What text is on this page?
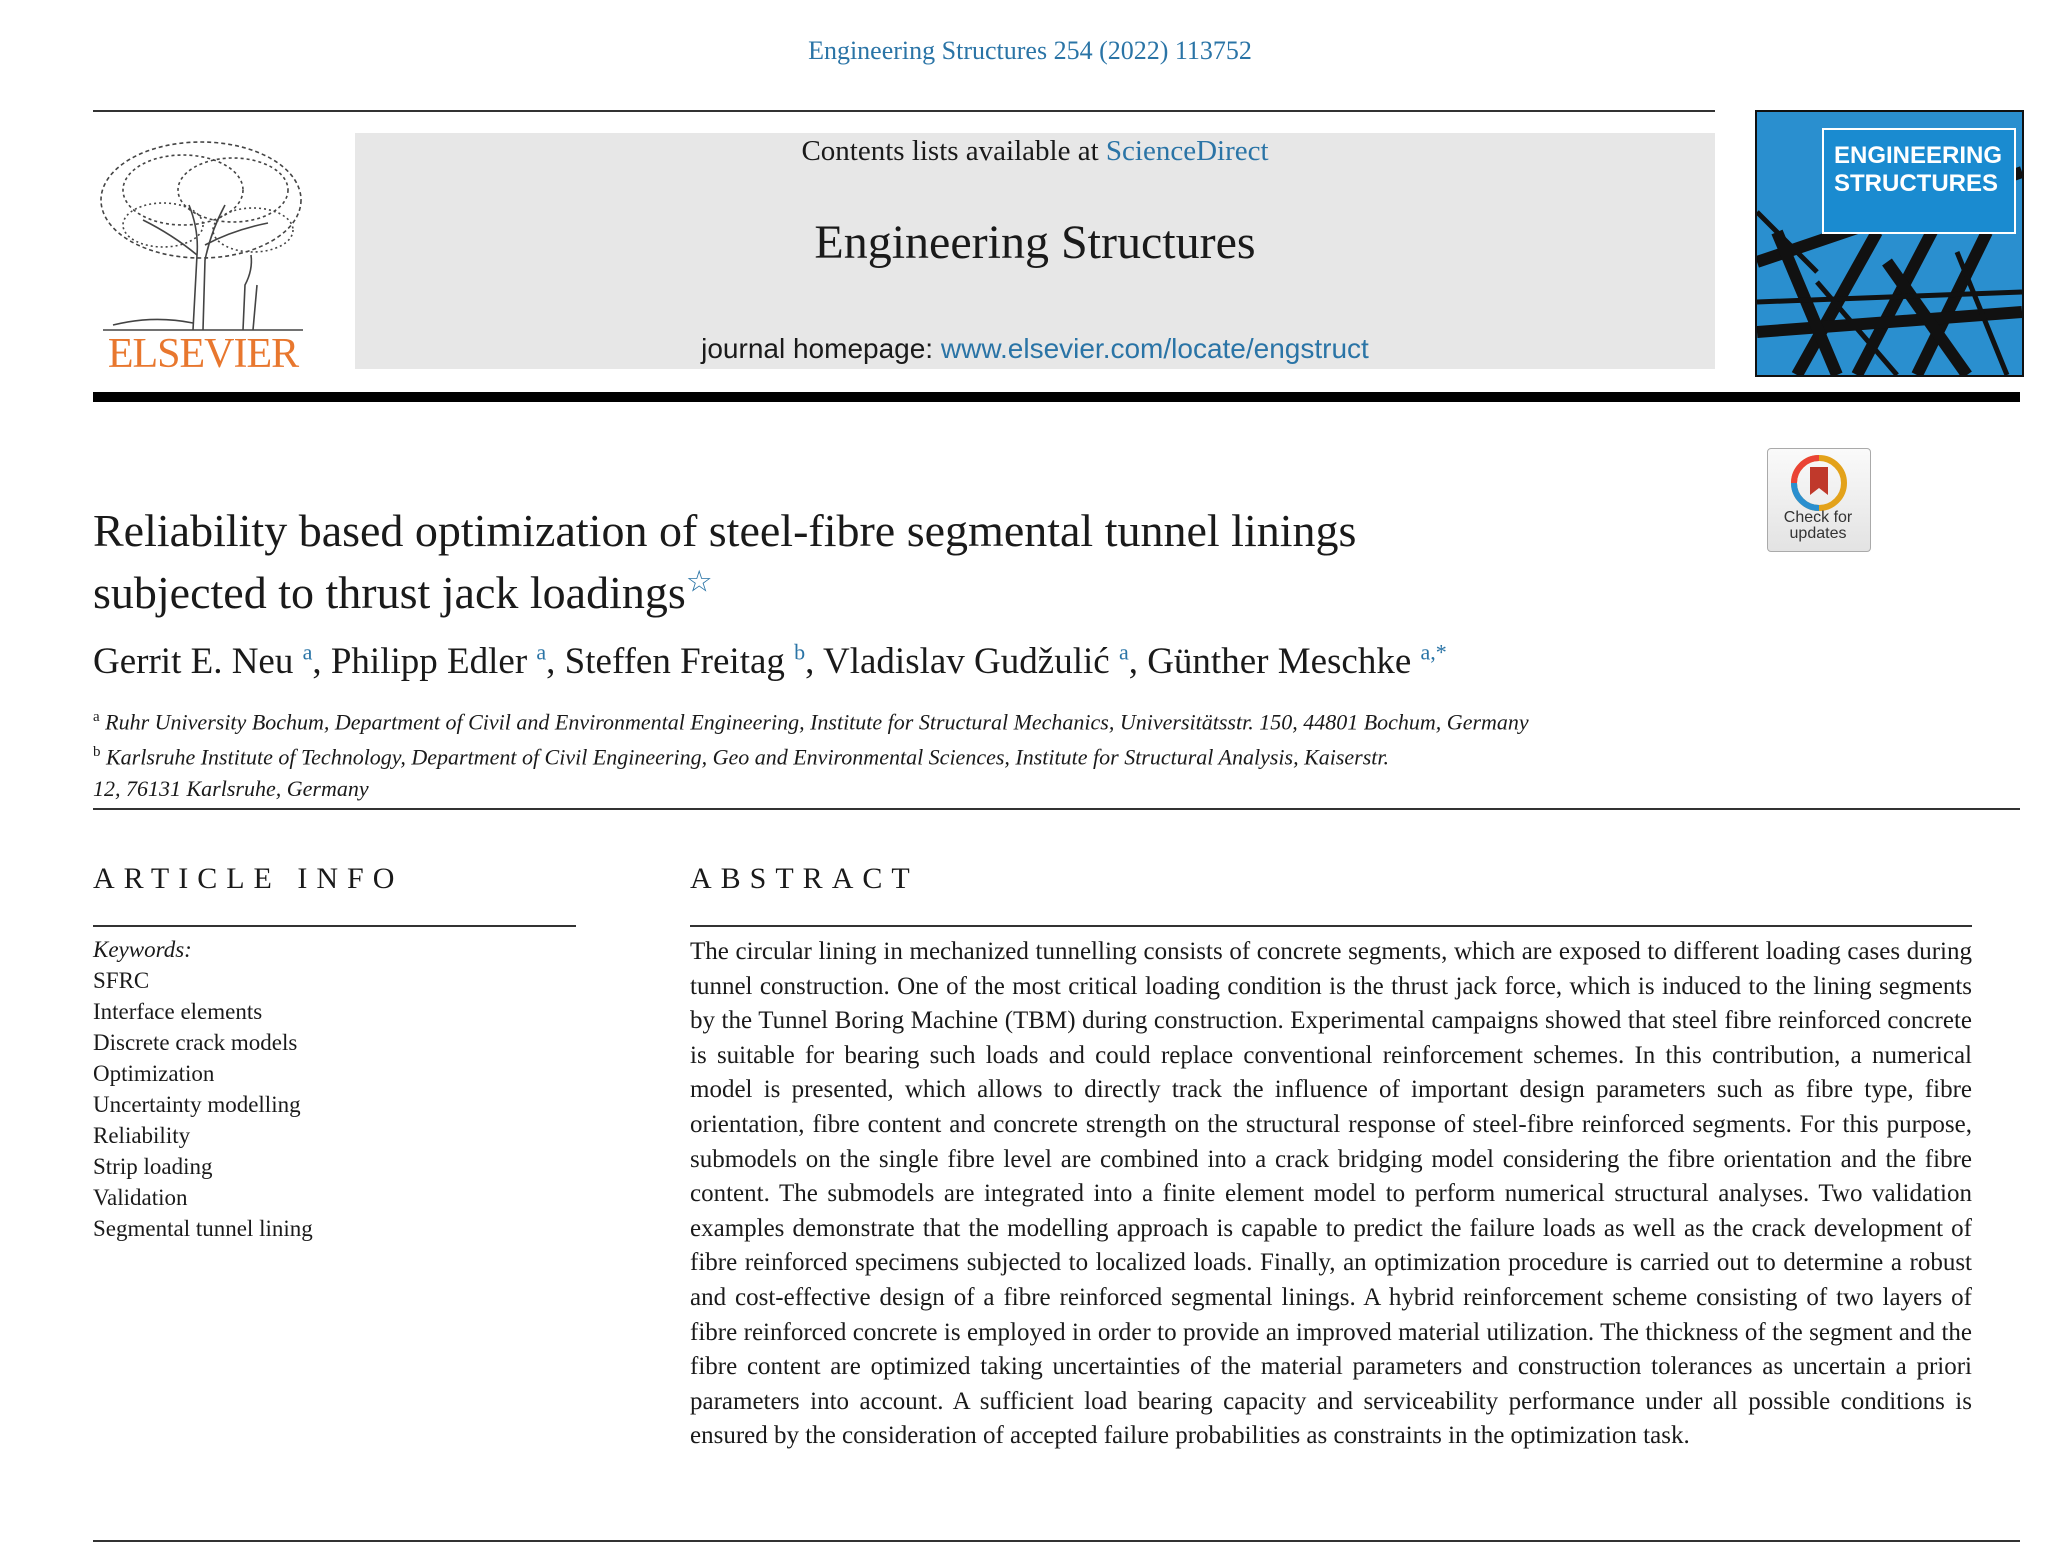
Engineering Structures 254 (2022) 113752
ELSEVIER
Contents lists available at ScienceDirect
Engineering Structures
journal homepage: www.elsevier.com/locate/engstruct
ENGINEERING
STRUCTURES
Check for
updates
Reliability based optimization of steel-fibre segmental tunnel linings
subjected to thrust jack loadings☆
Gerrit E. Neu $^a$, Philipp Edler $^a$, Steffen Freitag $^b$, Vladislav Gudžulić $^a$, Günther Meschke $^{a,*}$
$^a$ Ruhr University Bochum, Department of Civil and Environmental Engineering, Institute for Structural Mechanics, Universitätsstr. 150, 44801 Bochum, Germany
$^b$ Karlsruhe Institute of Technology, Department of Civil Engineering, Geo and Environmental Sciences, Institute for Structural Analysis, Kaiserstr.
12, 76131 Karlsruhe, Germany
ARTICLE INFO
Keywords:
SFRC
Interface elements
Discrete crack models
Optimization
Uncertainty modelling
Reliability
Strip loading
Validation
Segmental tunnel lining
ABSTRACT
The circular lining in mechanized tunnelling consists of concrete segments, which are exposed to different loading cases during tunnel construction. One of the most critical loading condition is the thrust jack force, which is induced to the lining segments by the Tunnel Boring Machine (TBM) during construction. Experimental campaigns showed that steel fibre reinforced concrete is suitable for bearing such loads and could replace conventional reinforcement schemes. In this contribution, a numerical model is presented, which allows to directly track the influence of important design parameters such as fibre type, fibre orientation, fibre content and concrete strength on the structural response of steel-fibre reinforced segments. For this purpose, submodels on the single fibre level are combined into a crack bridging model considering the fibre orientation and the fibre content. The submodels are integrated into a finite element model to perform numerical structural analyses. Two validation examples demonstrate that the modelling approach is capable to predict the failure loads as well as the crack development of fibre reinforced specimens subjected to localized loads. Finally, an optimization procedure is carried out to determine a robust and cost-effective design of a fibre reinforced segmental linings. A hybrid reinforcement scheme consisting of two layers of fibre reinforced concrete is employed in order to provide an improved material utilization. The thickness of the segment and the fibre content are optimized taking uncertainties of the material parameters and construction tolerances as uncertain a priori parameters into account. A sufficient load bearing capacity and serviceability performance under all possible conditions is ensured by the consideration of accepted failure probabilities as constraints in the optimization task.
